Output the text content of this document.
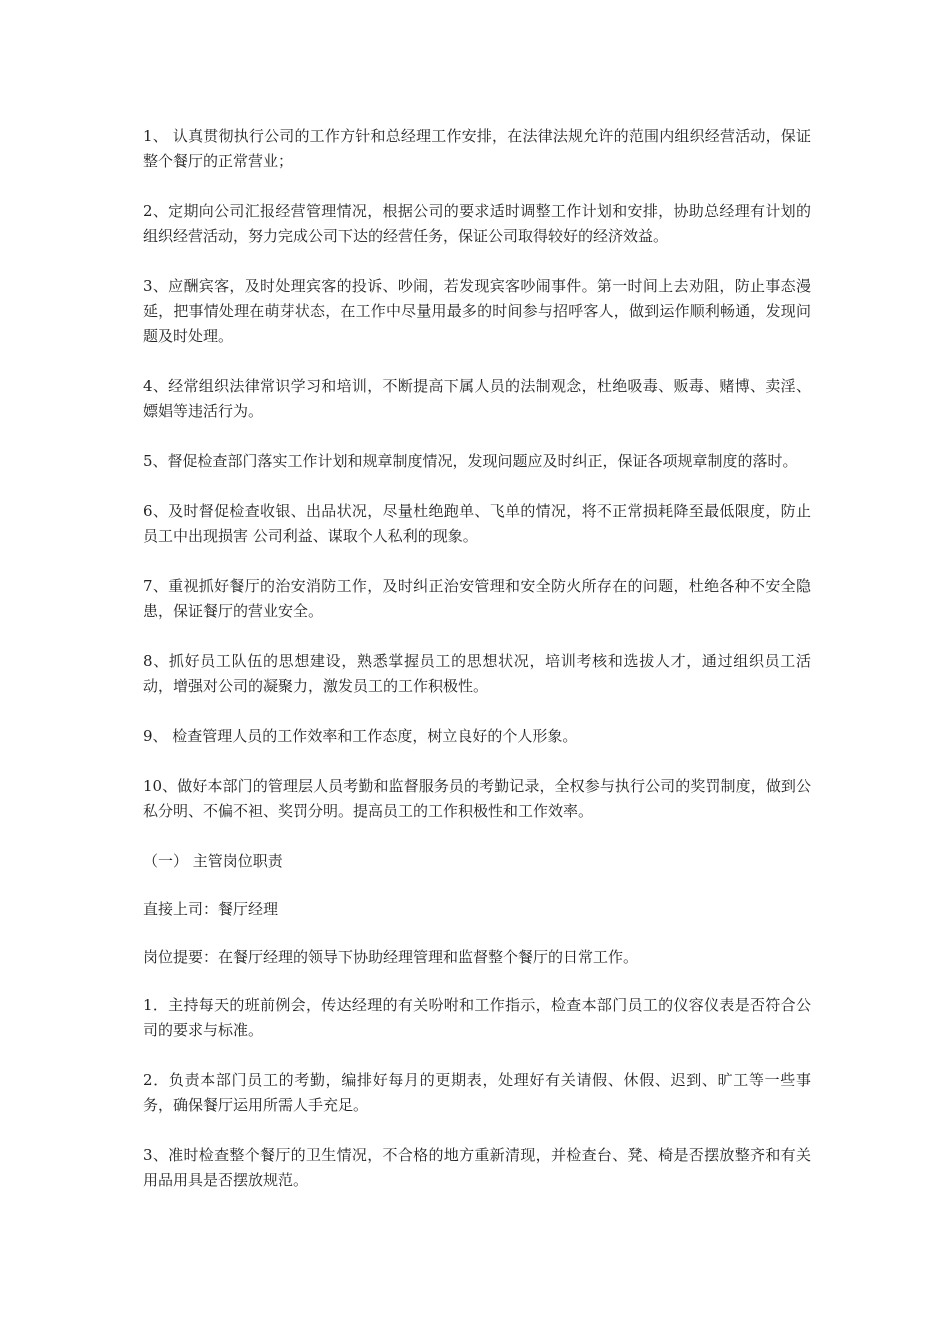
1、 认真贯彻执行公司的工作方针和总经理工作安排，在法律法规允许的范围内组织经营活动，保证整个餐厅的正常营业；

2、定期向公司汇报经营管理情况，根据公司的要求适时调整工作计划和安排，协助总经理有计划的组织经营活动，努力完成公司下达的经营任务，保证公司取得较好的经济效益。

3、应酬宾客，及时处理宾客的投诉、吵闹，若发现宾客吵闹事件。第一时间上去劝阻，防止事态漫延，把事情处理在萌芽状态，在工作中尽量用最多的时间参与招呼客人，做到运作顺利畅通，发现问题及时处理。

4、经常组织法律常识学习和培训，不断提高下属人员的法制观念，杜绝吸毒、贩毒、赌博、卖淫、嫖娼等违活行为。

5、督促检查部门落实工作计划和规章制度情况，发现问题应及时纠正，保证各项规章制度的落时。

6、及时督促检查收银、出品状况，尽量杜绝跑单、飞单的情况，将不正常损耗降至最低限度，防止员工中出现损害 公司利益、谋取个人私利的现象。

7、重视抓好餐厅的治安消防工作，及时纠正治安管理和安全防火所存在的问题，杜绝各种不安全隐患，保证餐厅的营业安全。

8、抓好员工队伍的思想建设，熟悉掌握员工的思想状况，培训考核和选拔人才，通过组织员工活动，增强对公司的凝聚力，激发员工的工作积极性。

9、 检查管理人员的工作效率和工作态度，树立良好的个人形象。

10、做好本部门的管理层人员考勤和监督服务员的考勤记录，全权参与执行公司的奖罚制度，做到公私分明、不偏不袒、奖罚分明。提高员工的工作积极性和工作效率。

（一） 主管岗位职责

直接上司：餐厅经理

岗位提要：在餐厅经理的领导下协助经理管理和监督整个餐厅的日常工作。

1．主持每天的班前例会，传达经理的有关吩咐和工作指示，检查本部门员工的仪容仪表是否符合公司的要求与标准。

2．负责本部门员工的考勤，编排好每月的更期表，处理好有关请假、休假、迟到、旷工等一些事务，确保餐厅运用所需人手充足。

3、准时检查整个餐厅的卫生情况，不合格的地方重新清现，并检查台、凳、椅是否摆放整齐和有关用品用具是否摆放规范。
